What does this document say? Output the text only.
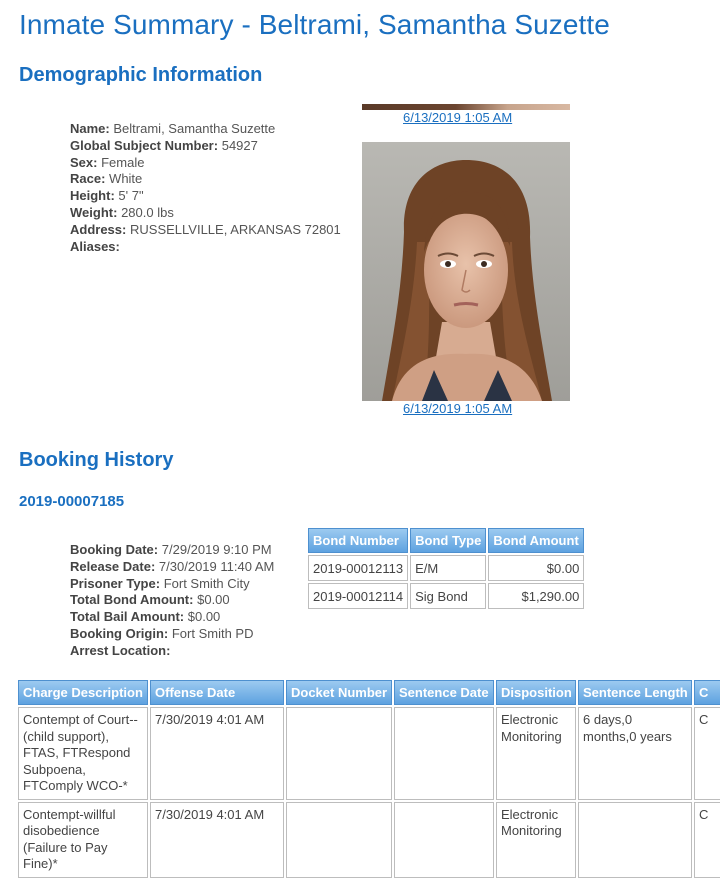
Inmate Summary - Beltrami, Samantha Suzette
Demographic Information
6/13/2019 1:05 AM
6/13/2019 1:05 AM
Name: Beltrami, Samantha Suzette
Global Subject Number: 54927
Sex: Female
Race: White
Height: 5' 7"
Weight: 280.0 lbs
Address: RUSSELLVILLE, ARKANSAS 72801
Aliases:
Booking History
2019-00007185
Booking Date: 7/29/2019 9:10 PM
Release Date: 7/30/2019 11:40 AM
Prisoner Type: Fort Smith City
Total Bond Amount: $0.00
Total Bail Amount: $0.00
Booking Origin: Fort Smith PD
Arrest Location:
Bond Number	Bond Type	Bond Amount
2019-00012113	E/M	$0.00
2019-00012114	Sig Bond	$1,290.00
Charge Description	Offense Date	Docket Number	Sentence Date	Disposition	Sentence Length	C
Contempt of Court--(child support), FTAS, FTRespond Subpoena, FTComply WCO-*	7/30/2019 4:01 AM			Electronic Monitoring	6 days,0 months,0 years	C
Contempt-willful disobedience (Failure to Pay Fine)*	7/30/2019 4:01 AM			Electronic Monitoring		C
